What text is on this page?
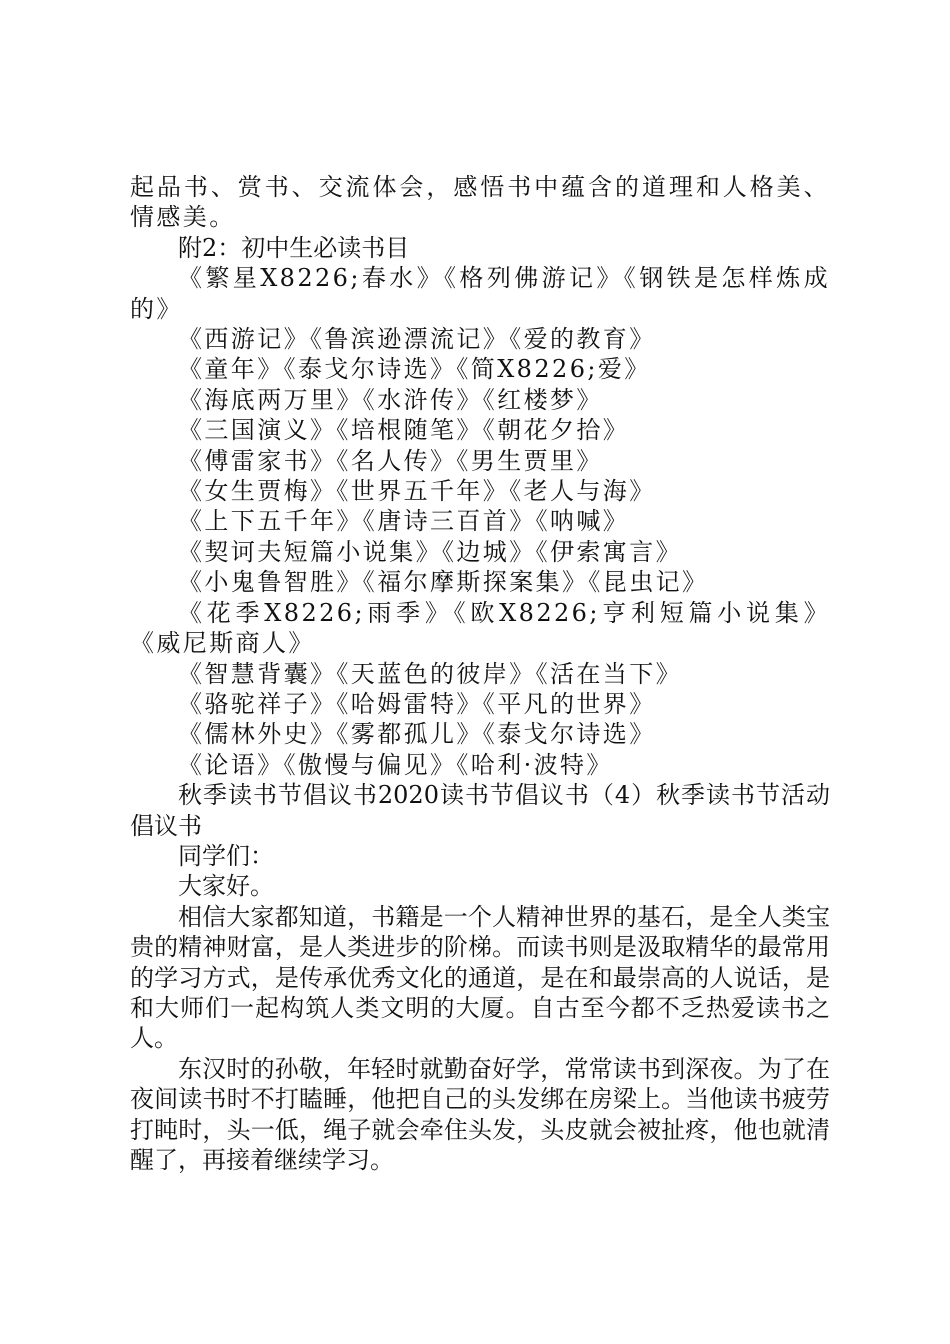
起品书、赏书、交流体会，感悟书中蕴含的道理和人格美、情感美。

附2：初中生必读书目

《繁星X8226;春水》《格列佛游记》《钢铁是怎样炼成的》

《西游记》《鲁滨逊漂流记》《爱的教育》

《童年》《泰戈尔诗选》《简X8226;爱》

《海底两万里》《水浒传》《红楼梦》

《三国演义》《培根随笔》《朝花夕拾》

《傅雷家书》《名人传》《男生贾里》

《女生贾梅》《世界五千年》《老人与海》

《上下五千年》《唐诗三百首》《呐喊》

《契诃夫短篇小说集》《边城》《伊索寓言》

《小鬼鲁智胜》《福尔摩斯探案集》《昆虫记》

《花季X8226;雨季》《欧X8226;亨利短篇小说集》《威尼斯商人》

《智慧背囊》《天蓝色的彼岸》《活在当下》

《骆驼祥子》《哈姆雷特》《平凡的世界》

《儒林外史》《雾都孤儿》《泰戈尔诗选》

《论语》《傲慢与偏见》《哈利·波特》

秋季读书节倡议书2020读书节倡议书（4）秋季读书节活动倡议书

同学们：

大家好。

相信大家都知道，书籍是一个人精神世界的基石，是全人类宝贵的精神财富，是人类进步的阶梯。而读书则是汲取精华的最常用的学习方式，是传承优秀文化的通道，是在和最崇高的人说话，是和大师们一起构筑人类文明的大厦。自古至今都不乏热爱读书之人。

东汉时的孙敬，年轻时就勤奋好学，常常读书到深夜。为了在夜间读书时不打瞌睡，他把自己的头发绑在房梁上。当他读书疲劳打盹时，头一低，绳子就会牵住头发，头皮就会被扯疼，他也就清醒了，再接着继续学习。
